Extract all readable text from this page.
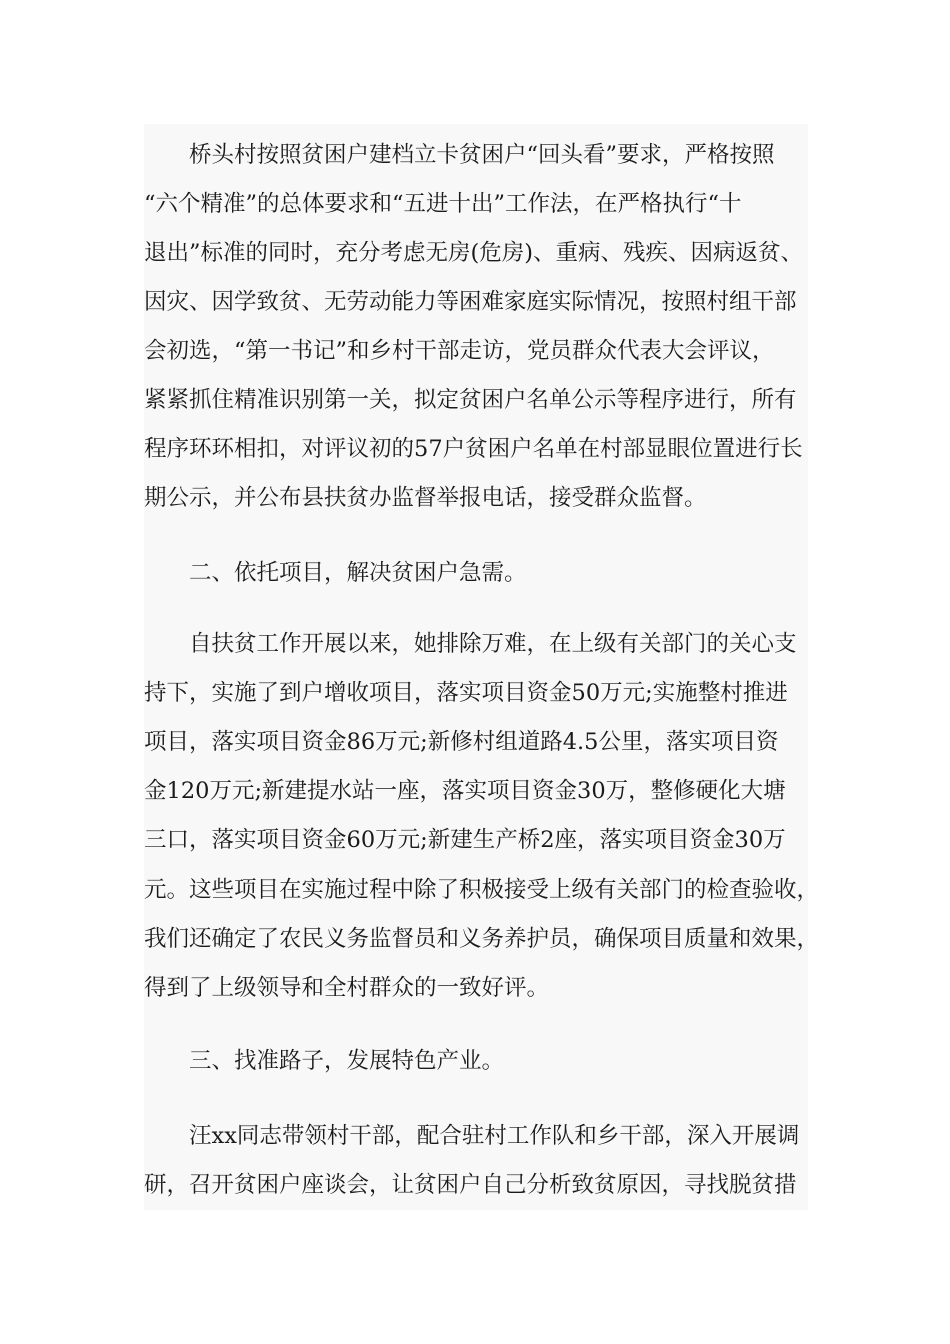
桥头村按照贫困户建档立卡贫困户“回头看”要求，严格按照
“六个精准”的总体要求和“五进十出”工作法，在严格执行“十
退出”标准的同时，充分考虑无房(危房)、重病、残疾、因病返贫、
因灾、因学致贫、无劳动能力等困难家庭实际情况，按照村组干部
会初选，“第一书记”和乡村干部走访，党员群众代表大会评议，
紧紧抓住精准识别第一关，拟定贫困户名单公示等程序进行，所有
程序环环相扣，对评议初的57户贫困户名单在村部显眼位置进行长
期公示，并公布县扶贫办监督举报电话，接受群众监督。
二、依托项目，解决贫困户急需。
自扶贫工作开展以来，她排除万难，在上级有关部门的关心支
持下，实施了到户增收项目，落实项目资金50万元;实施整村推进
项目，落实项目资金86万元;新修村组道路4.5公里，落实项目资
金120万元;新建提水站一座，落实项目资金30万，整修硬化大塘
三口，落实项目资金60万元;新建生产桥2座，落实项目资金30万
元。这些项目在实施过程中除了积极接受上级有关部门的检查验收，
我们还确定了农民义务监督员和义务养护员，确保项目质量和效果，
得到了上级领导和全村群众的一致好评。
三、找准路子，发展特色产业。
汪xx同志带领村干部，配合驻村工作队和乡干部，深入开展调
研，召开贫困户座谈会，让贫困户自己分析致贫原因，寻找脱贫措
